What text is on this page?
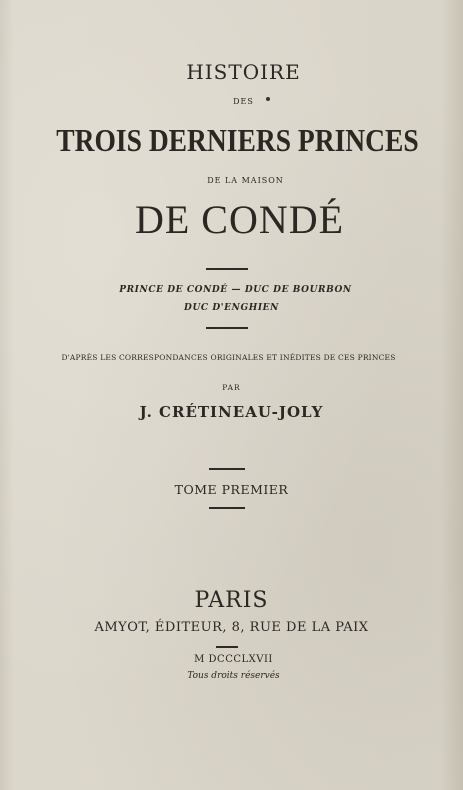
HISTOIRE
DES
TROIS DERNIERS PRINCES
DE LA MAISON
DE CONDÉ
PRINCE DE CONDÉ — DUC DE BOURBON
DUC D'ENGHIEN
D'APRÈS LES CORRESPONDANCES ORIGINALES ET INÉDITES DE CES PRINCES
PAR
J. CRÉTINEAU-JOLY
TOME PREMIER
PARIS
AMYOT, ÉDITEUR, 8, RUE DE LA PAIX
M DCCCLXVII
Tous droits réservés
